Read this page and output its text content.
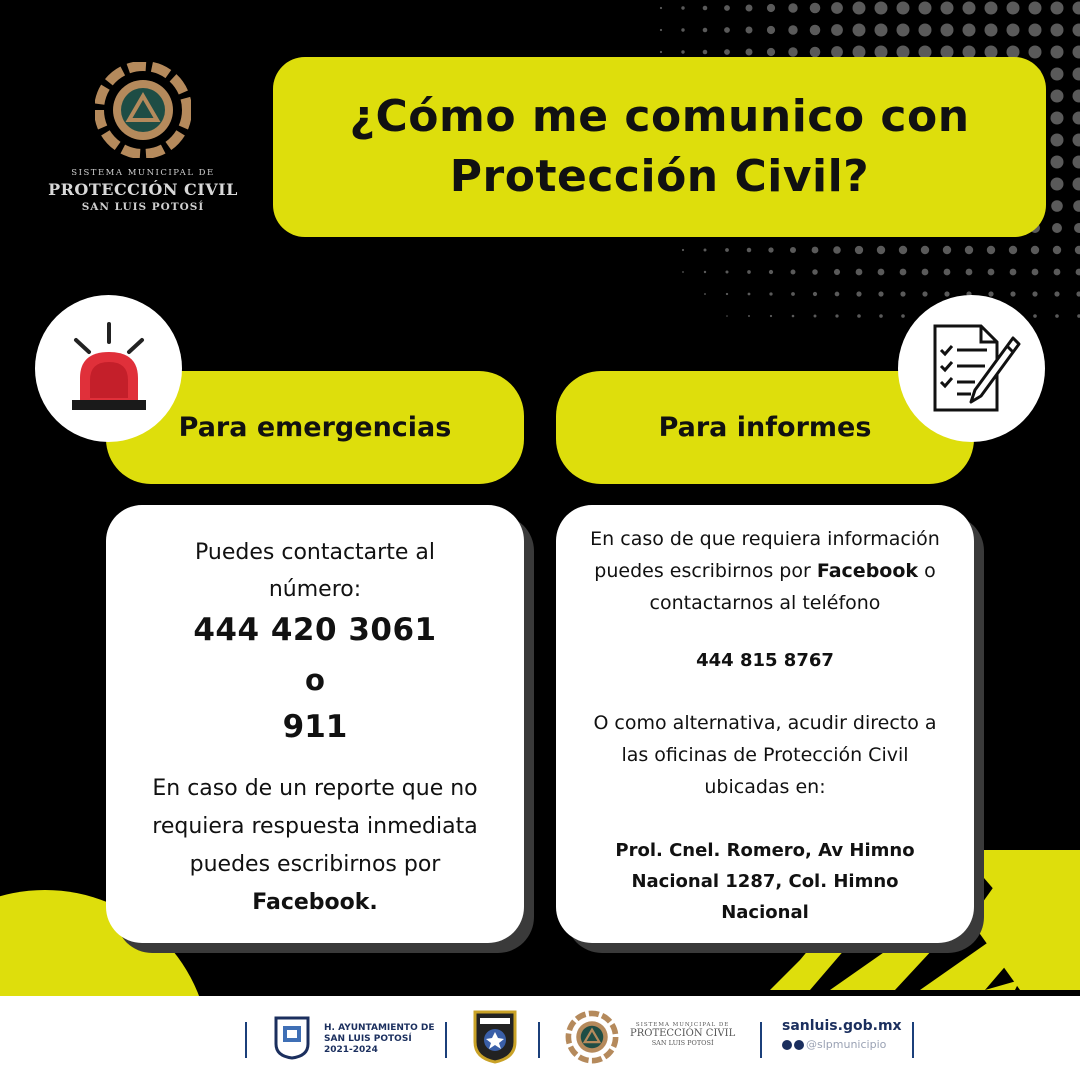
SISTEMA MUNICIPAL DE
PROTECCIÓN CIVIL
SAN LUIS POTOSÍ
¿Cómo me comunico con
Protección Civil?
Para emergencias	Para informes
Puedes contactarte al
número:
444 420 3061
o
911
En caso de un reporte que no
requiera respuesta inmediata
puedes escribirnos por
Facebook.
En caso de que requiera información
puedes escribirnos por Facebook o
contactarnos al teléfono
444 815 8767
O como alternativa, acudir directo a
las oficinas de Protección Civil
ubicadas en:
Prol. Cnel. Romero, Av Himno
Nacional 1287, Col. Himno
Nacional
H. AYUNTAMIENTO DE
SAN LUIS POTOSÍ
2021-2024
SISTEMA MUNICIPAL DE
PROTECCIÓN CIVIL
SAN LUIS POTOSÍ
sanluis.gob.mx
@slpmunicipio
